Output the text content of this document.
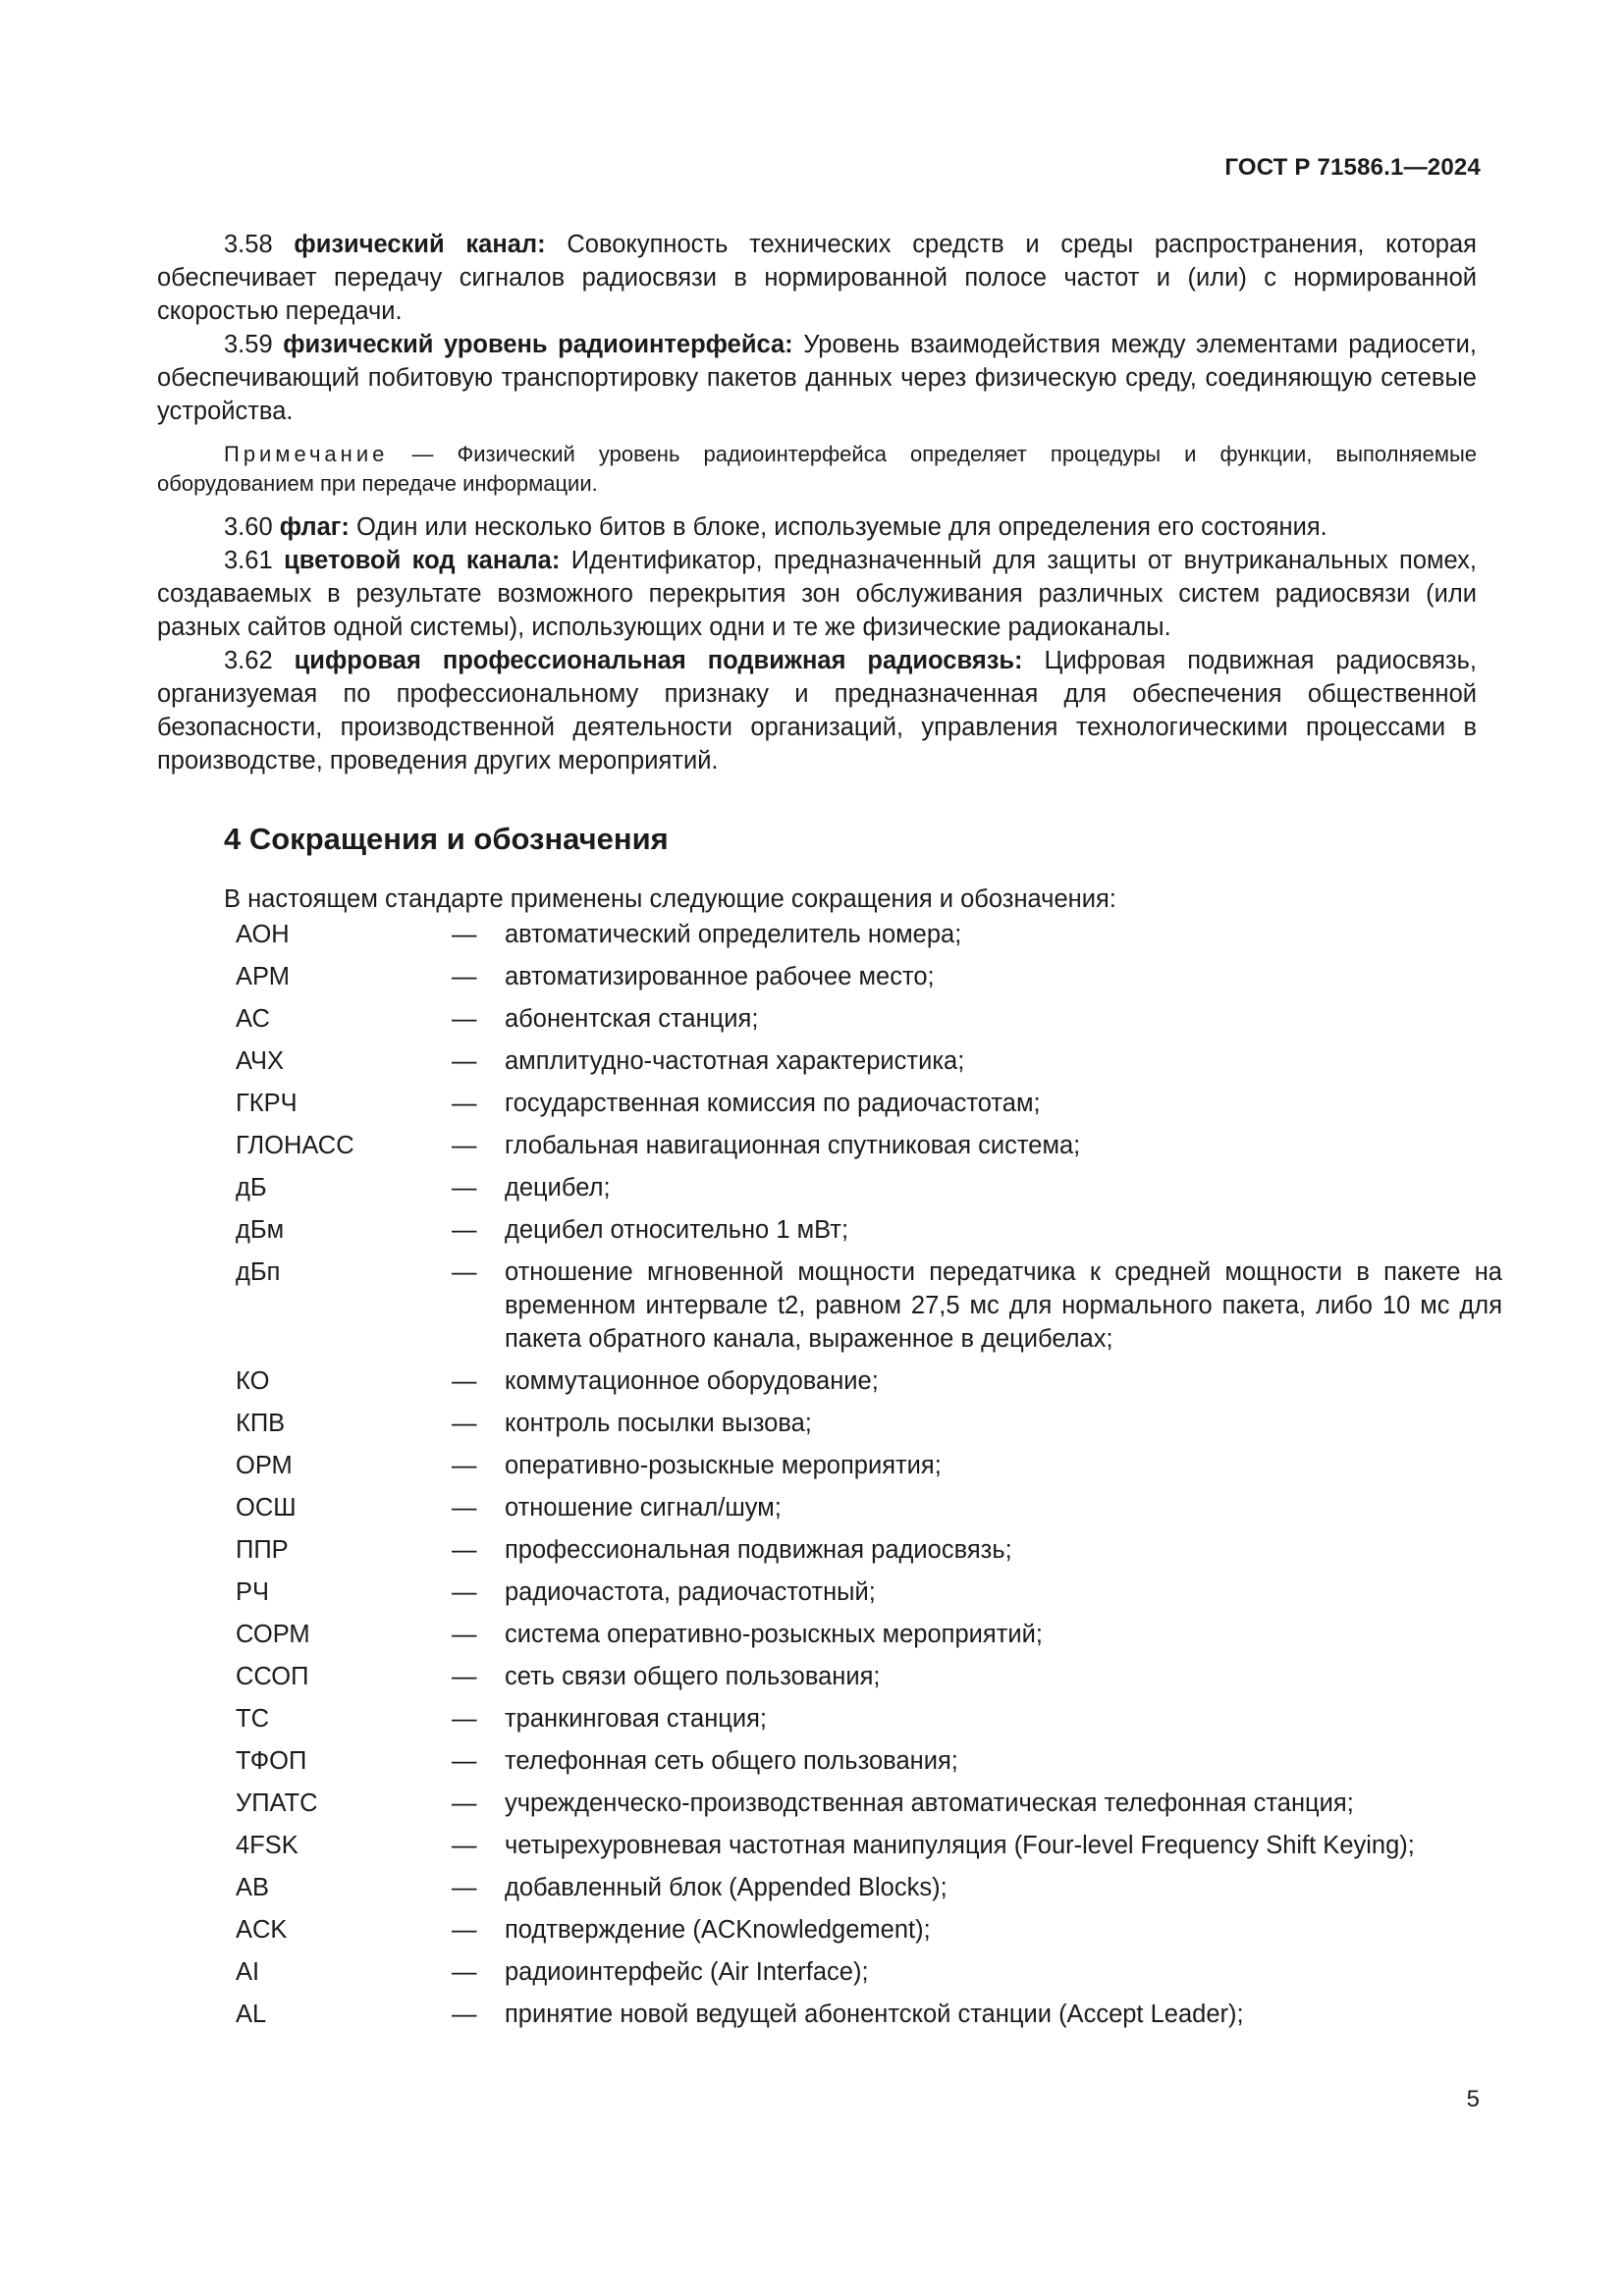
ГОСТ Р 71586.1—2024

3.58 физический канал: Совокупность технических средств и среды распространения, которая обеспечивает передачу сигналов радиосвязи в нормированной полосе частот и (или) с нормированной скоростью передачи.

3.59 физический уровень радиоинтерфейса: Уровень взаимодействия между элементами радиосети, обеспечивающий побитовую транспортировку пакетов данных через физическую среду, соединяющую сетевые устройства.

Примечание — Физический уровень радиоинтерфейса определяет процедуры и функции, выполняемые оборудованием при передаче информации.

3.60 флаг: Один или несколько битов в блоке, используемые для определения его состояния.

3.61 цветовой код канала: Идентификатор, предназначенный для защиты от внутриканальных помех, создаваемых в результате возможного перекрытия зон обслуживания различных систем радиосвязи (или разных сайтов одной системы), использующих одни и те же физические радиоканалы.

3.62 цифровая профессиональная подвижная радиосвязь: Цифровая подвижная радиосвязь, организуемая по профессиональному признаку и предназначенная для обеспечения общественной безопасности, производственной деятельности организаций, управления технологическими процессами в производстве, проведения других мероприятий.

4 Сокращения и обозначения
В настоящем стандарте применены следующие сокращения и обозначения:
АОН	—	автоматический определитель номера;
АРМ	—	автоматизированное рабочее место;
АС	—	абонентская станция;
АЧХ	—	амплитудно-частотная характеристика;
ГКРЧ	—	государственная комиссия по радиочастотам;
ГЛОНАСС	—	глобальная навигационная спутниковая система;
дБ	—	децибел;
дБм	—	децибел относительно 1 мВт;
дБп	—	отношение мгновенной мощности передатчика к средней мощности в пакете на временном интервале t2, равном 27,5 мс для нормального пакета, либо 10 мс для пакета обратного канала, выраженное в децибелах;
КО	—	коммутационное оборудование;
КПВ	—	контроль посылки вызова;
ОРМ	—	оперативно-розыскные мероприятия;
ОСШ	—	отношение сигнал/шум;
ППР	—	профессиональная подвижная радиосвязь;
РЧ	—	радиочастота, радиочастотный;
СОРМ	—	система оперативно-розыскных мероприятий;
ССОП	—	сеть связи общего пользования;
ТС	—	транкинговая станция;
ТФОП	—	телефонная сеть общего пользования;
УПАТС	—	учрежденческо-производственная автоматическая телефонная станция;
4FSK	—	четырехуровневая частотная манипуляция (Four-level Frequency Shift Keying);
AB	—	добавленный блок (Appended Blocks);
ACK	—	подтверждение (ACKnowledgement);
AI	—	радиоинтерфейс (Air Interface);
AL	—	принятие новой ведущей абонентской станции (Accept Leader);
5
